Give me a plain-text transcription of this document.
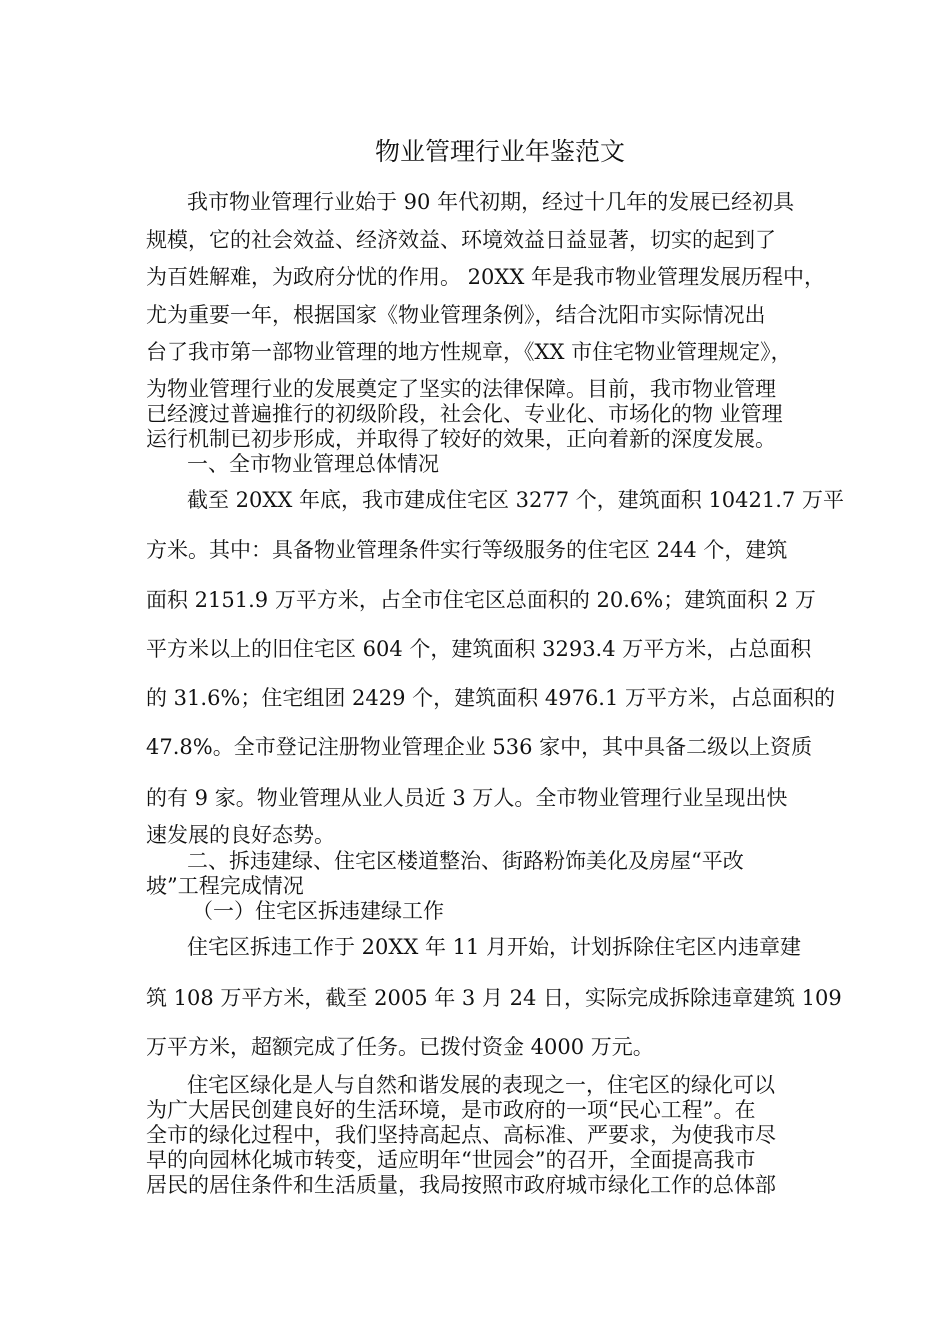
物业管理行业年鉴范文
我市物业管理行业始于 90 年代初期，经过十几年的发展已经初具
规模，它的社会效益、经济效益、环境效益日益显著，切实的起到了
为百姓解难，为政府分忧的作用。 20XX 年是我市物业管理发展历程中，
尤为重要一年，根据国家《物业管理条例》，结合沈阳市实际情况出
台了我市第一部物业管理的地方性规章，《XX 市住宅物业管理规定》，
为物业管理行业的发展奠定了坚实的法律保障。目前，我市物业管理
已经渡过普遍推行的初级阶段，社会化、专业化、市场化的物 业管理
运行机制已初步形成，并取得了较好的效果，正向着新的深度发展。
一、全市物业管理总体情况
截至 20XX 年底，我市建成住宅区 3277 个，建筑面积 10421.7 万平
方米。其中：具备物业管理条件实行等级服务的住宅区 244 个，建筑
面积 2151.9 万平方米，占全市住宅区总面积的 20.6%；建筑面积 2 万
平方米以上的旧住宅区 604 个，建筑面积 3293.4 万平方米，占总面积
的 31.6%；住宅组团 2429 个，建筑面积 4976.1 万平方米，占总面积的
47.8%。全市登记注册物业管理企业 536 家中，其中具备二级以上资质
的有 9 家。物业管理从业人员近 3 万人。全市物业管理行业呈现出快
速发展的良好态势。
二、拆违建绿、住宅区楼道整治、街路粉饰美化及房屋“平改
坡”工程完成情况
（一）住宅区拆违建绿工作
住宅区拆违工作于 20XX 年 11 月开始，计划拆除住宅区内违章建
筑 108 万平方米，截至 2005 年 3 月 24 日，实际完成拆除违章建筑 109
万平方米，超额完成了任务。已拨付资金 4000 万元。
住宅区绿化是人与自然和谐发展的表现之一，住宅区的绿化可以
为广大居民创建良好的生活环境，是市政府的一项“民心工程”。在
全市的绿化过程中，我们坚持高起点、高标准、严要求，为使我市尽
早的向园林化城市转变，适应明年“世园会”的召开，全面提高我市
居民的居住条件和生活质量，我局按照市政府城市绿化工作的总体部
